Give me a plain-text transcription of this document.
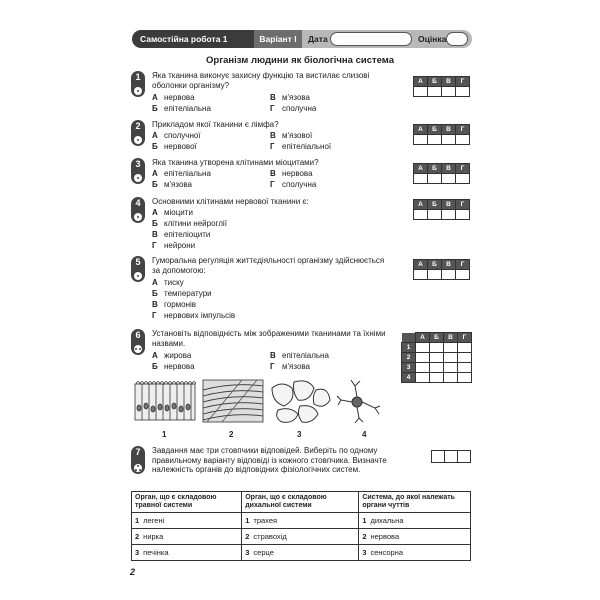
Самостійна робота 1	Варіант І	Дата	Оцінка
Організм людини як біологічна система
1	Яка тканина виконує захисну функцію та вистилає слизові оболонки організму?
А нервова	В м'язова
Б епітеліальна	Г сполучна
А	Б	В	Г

2	Прикладом якої тканини є лімфа?
А сполучної	В м'язової
Б нервової	Г епітеліальної
А	Б	В	Г

3	Яка тканина утворена клітинами міоцитами?
А епітеліальна	В нервова
Б м'язова	Г сполучна
А	Б	В	Г

4	Основними клітинами нервової тканини є:
А міоцити
Б клітини нейроглії
В епітеліоцити
Г нейрони
А	Б	В	Г

5	Гуморальна регуляція життєдіяльності організму здійснюється за допомогою:
А тиску
Б температури
В гормонів
Г нервових імпульсів
А	Б	В	Г

6	Установіть відповідність між зображеними тканинами та їхніми назвами.
А жирова	В епітеліальна
Б нервова	Г м'язова
	А	Б	В	Г
1				
2				
3				
4				
1	2	3	4
7	Завдання має три стовпчики відповідей. Виберіть по одному правильному варіанту відповіді із кожного стовпчика. Визначте належність органів до відповідних фізіологічних систем.
Орган, що є складовою травної системи	Орган, що є складовою дихальної системи	Система, до якої належать органи чуттів
1 легені	1 трахея	1 дихальна
2 нирка	2 стравохід	2 нервова
3 печінка	3 серце	3 сенсорна
2
